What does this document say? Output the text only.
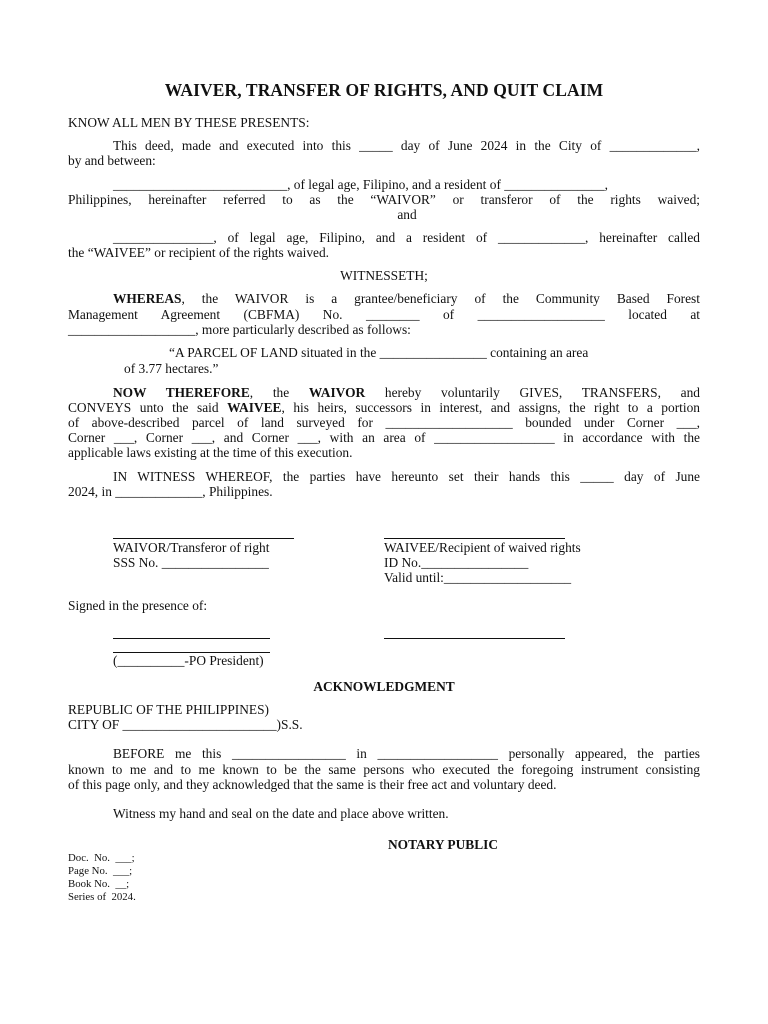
WAIVER, TRANSFER OF RIGHTS, AND QUIT CLAIM
KNOW ALL MEN BY THESE PRESENTS:
This deed, made and executed into this _____ day of June 2024 in the City of _____________,
by and between:
__________________________, of legal age, Filipino, and a resident of _______________,
Philippines, hereinafter referred to as the “WAIVOR” or transferor of the rights waived;
and
_______________, of legal age, Filipino, and a resident of _____________, hereinafter called
the “WAIVEE” or recipient of the rights waived.
WITNESSETH;
WHEREAS, the WAIVOR is a grantee/beneficiary of the Community Based Forest
Management Agreement (CBFMA) No. ________ of ___________________ located at
___________________, more particularly described as follows:
“A PARCEL OF LAND situated in the ________________ containing an area
of 3.77 hectares.”
NOW THEREFORE, the WAIVOR hereby voluntarily GIVES, TRANSFERS, and
CONVEYS unto the said WAIVEE, his heirs, successors in interest, and assigns, the right to a portion
of above-described parcel of land surveyed for ___________________ bounded under Corner ___,
Corner ___, Corner ___, and Corner ___, with an area of __________________ in accordance with the
applicable laws existing at the time of this execution.
IN WITNESS WHEREOF, the parties have hereunto set their hands this _____ day of June
2024, in _____________, Philippines.
WAIVOR/Transferor of right
SSS No. ________________
WAIVEE/Recipient of waived rights
ID No.________________
Valid until:___________________
Signed in the presence of:
(__________-PO President)
ACKNOWLEDGMENT
REPUBLIC OF THE PHILIPPINES)
CITY OF _______________________)S.S.
BEFORE me this _________________ in __________________ personally appeared, the parties
known to me and to me known to be the same persons who executed the foregoing instrument consisting
of this page only, and they acknowledged that the same is their free act and voluntary deed.
Witness my hand and seal on the date and place above written.
NOTARY PUBLIC
Doc.  No.  ___;
Page No.  ___;
Book No.  __;
Series of  2024.
